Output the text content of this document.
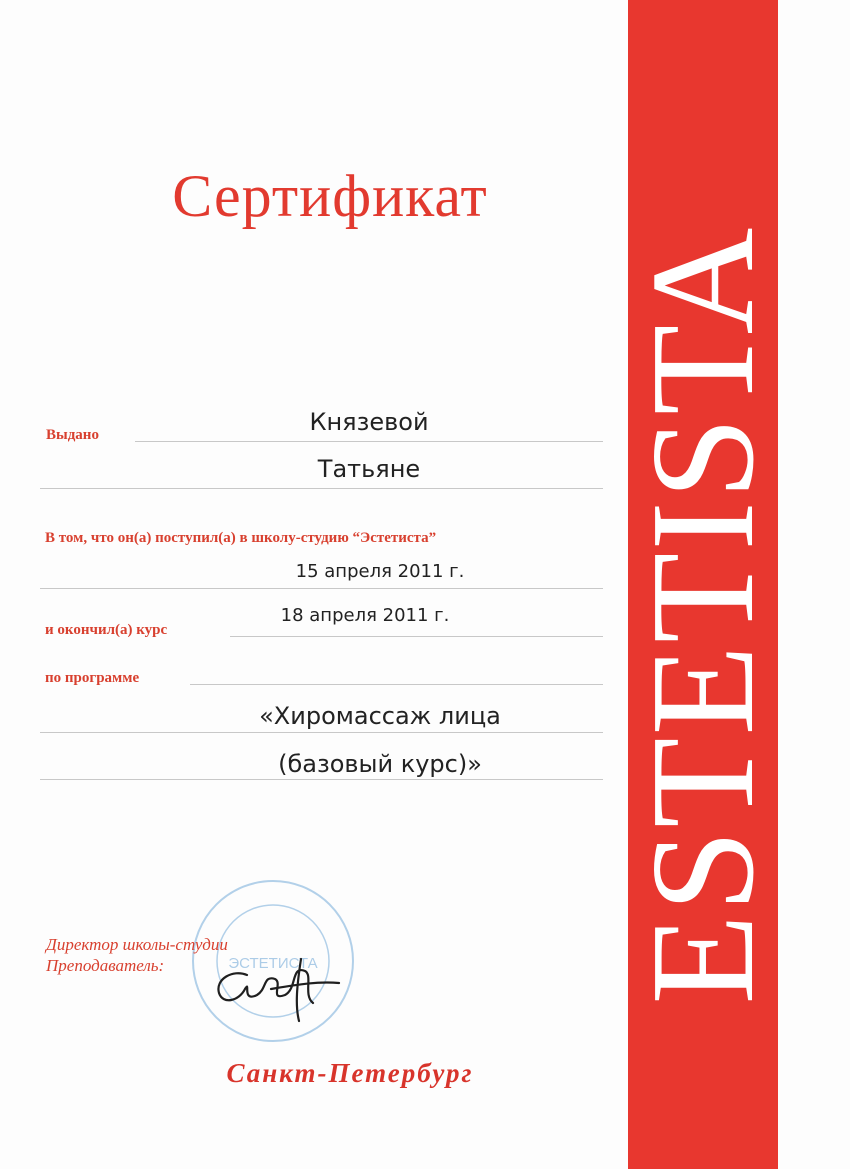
ESTETISTA
Сертификат
Выдано	Князевой
Татьяне
В том, что он(а) поступил(а) в школу-студию “Эстетиста”
15 апреля 2011 г.
и окончил(а) курс
18 апреля 2011 г.
по программе
«Хиромассаж лица
(базовый курс)»
ЭСТЕТИСТА
Директор школы-студии
Преподаватель:
Санкт-Петербург
